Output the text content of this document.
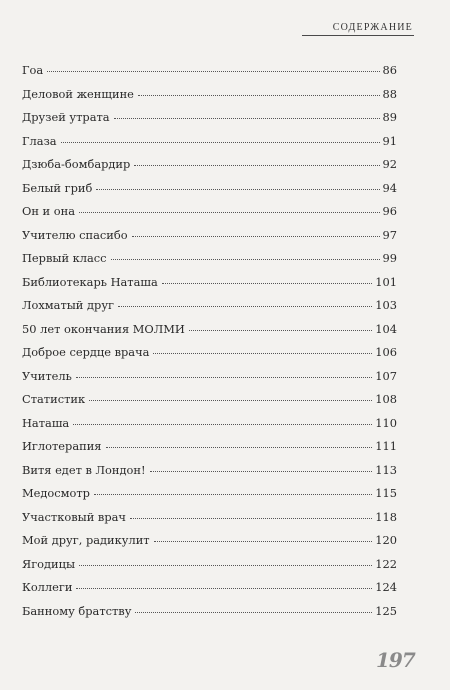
СОДЕРЖАНИЕ
Гоа	86
Деловой женщине	88
Друзей утрата	89
Глаза	91
Дзюба-бомбардир	92
Белый гриб	94
Он и она	96
Учителю спасибо	97
Первый класс	99
Библиотекарь Наташа	101
Лохматый друг	103
50 лет окончания МОЛМИ	104
Доброе сердце врача	106
Учитель	107
Статистик	108
Наташа	110
Иглотерапия	111
Витя едет в Лондон!	113
Медосмотр	115
Участковый врач	118
Мой друг, радикулит	120
Ягодицы	122
Коллеги	124
Банному братству	125
197
